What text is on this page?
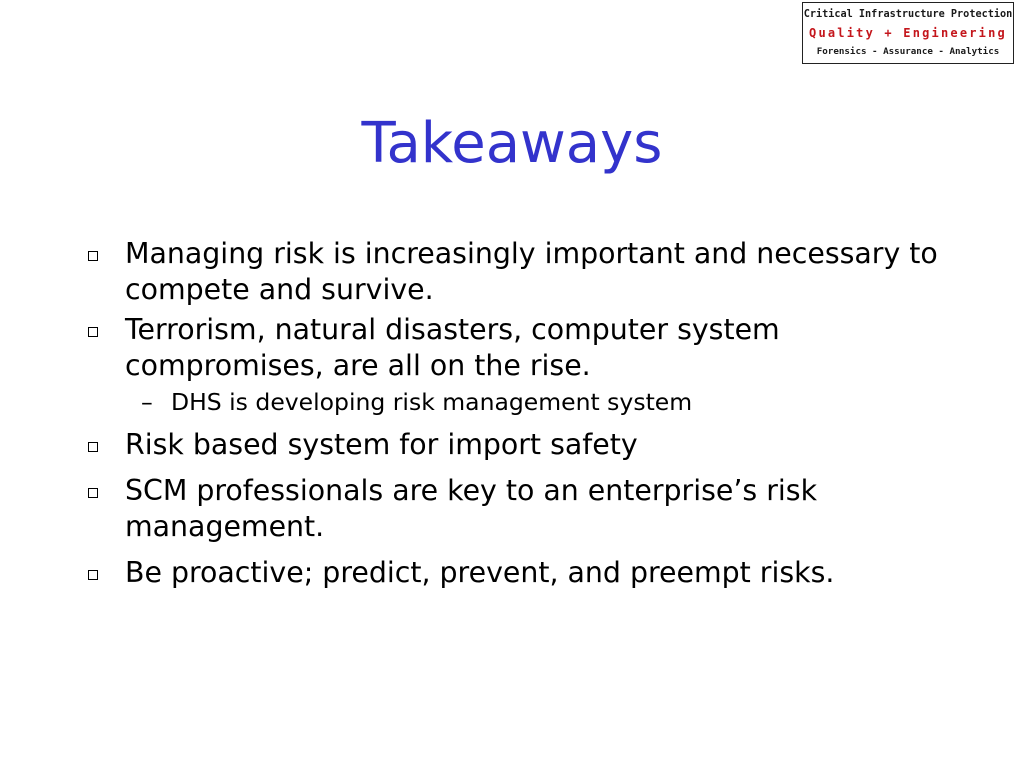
Critical Infrastructure Protection
Quality + Engineering
Forensics - Assurance - Analytics
Takeaways
Managing risk is increasingly important and necessary to compete and survive.
Terrorism, natural disasters, computer system compromises, are all on the rise.
– DHS is developing risk management system
Risk based system for import safety
SCM professionals are key to an enterprise’s risk management.
Be proactive; predict, prevent, and preempt risks.
